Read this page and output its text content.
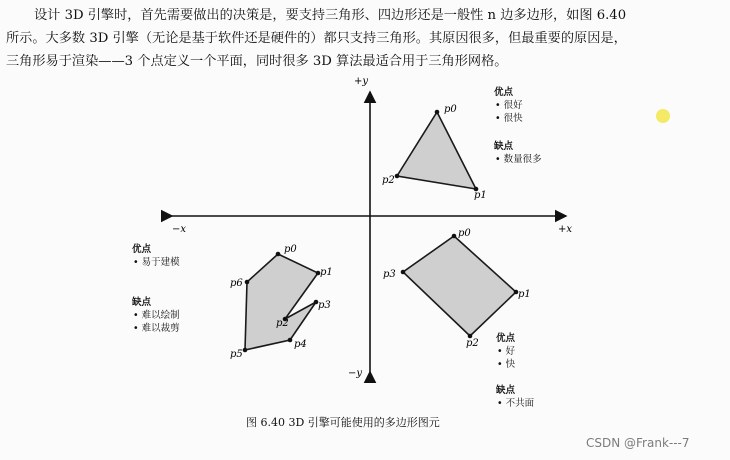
设计 3D 引擎时，首先需要做出的决策是，要支持三角形、四边形还是一般性 n 边多边形，如图 6.40
所示。大多数 3D 引擎（无论是基于软件还是硬件的）都只支持三角形。其原因很多，但最重要的原因是，
三角形易于渲染——3 个点定义一个平面，同时很多 3D 算法最适合用于三角形网格。

+y
−y
+x
−x
p0
p2
p1
p0
p1
p2
p3
p4
p5
p6
p0
p1
p2
p3
优点
• 很好
• 很快
缺点
• 数量很多
优点
• 易于建模
缺点
• 难以绘制
• 难以裁剪
优点
• 好
• 快
缺点
• 不共面
图 6.40 3D 引擎可能使用的多边形图元
CSDN @Frank---7
